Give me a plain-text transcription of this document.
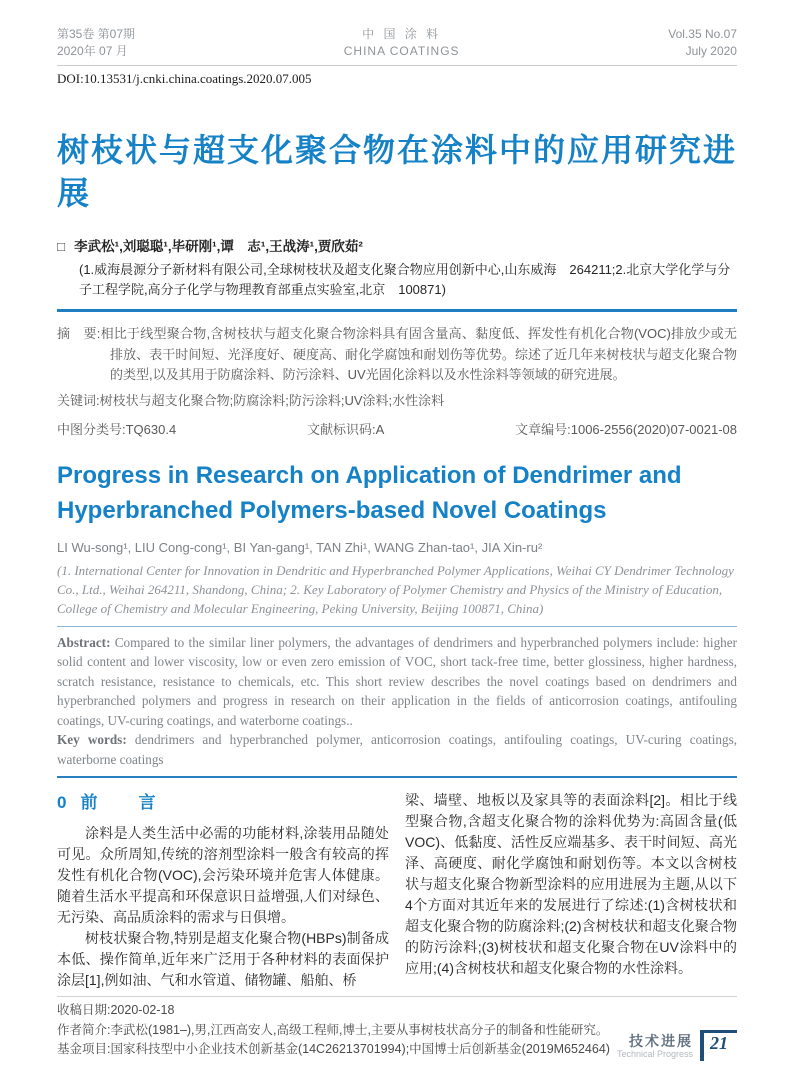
第35卷 第07期
2020年 07 月
中 国 涂 料
CHINA COATINGS
Vol.35 No.07
July 2020
DOI:10.13531/j.cnki.china.coatings.2020.07.005
树枝状与超支化聚合物在涂料中的应用研究进展
□ 李武松¹,刘聪聪¹,毕研刚¹,谭　志¹,王战涛¹,贾欣茹²
(1.威海晨源分子新材料有限公司,全球树枝状及超支化聚合物应用创新中心,山东威海　264211;2.北京大学化学与分子工程学院,高分子化学与物理教育部重点实验室,北京　100871)

摘　要:相比于线型聚合物,含树枝状与超支化聚合物涂料具有固含量高、黏度低、挥发性有机化合物(VOC)排放少或无排放、表干时间短、光泽度好、硬度高、耐化学腐蚀和耐划伤等优势。综述了近几年来树枝状与超支化聚合物的类型,以及其用于防腐涂料、防污涂料、UV光固化涂料以及水性涂料等领域的研究进展。

关键词:树枝状与超支化聚合物;防腐涂料;防污涂料;UV涂料;水性涂料

中图分类号:TQ630.4	文献标识码:A	文章编号:1006-2556(2020)07-0021-08
Progress in Research on Application of Dendrimer and Hyperbranched Polymers-based Novel Coatings
LI Wu-song¹, LIU Cong-cong¹, BI Yan-gang¹, TAN Zhi¹, WANG Zhan-tao¹, JIA Xin-ru²
(1. International Center for Innovation in Dendritic and Hyperbranched Polymer Applications, Weihai CY Dendrimer Technology Co., Ltd., Weihai 264211, Shandong, China; 2. Key Laboratory of Polymer Chemistry and Physics of the Ministry of Education, College of Chemistry and Molecular Engineering, Peking University, Beijing 100871, China)

Abstract: Compared to the similar liner polymers, the advantages of dendrimers and hyperbranched polymers include: higher solid content and lower viscosity, low or even zero emission of VOC, short tack-free time, better glossiness, higher hardness, scratch resistance, resistance to chemicals, etc. This short review describes the novel coatings based on dendrimers and hyperbranched polymers and progress in research on their application in the fields of anticorrosion coatings, antifouling coatings, UV-curing coatings, and waterborne coatings..

Key words: dendrimers and hyperbranched polymer, anticorrosion coatings, antifouling coatings, UV-curing coatings, waterborne coatings

0 前　言

涂料是人类生活中必需的功能材料,涂装用品随处可见。众所周知,传统的溶剂型涂料一般含有较高的挥发性有机化合物(VOC),会污染环境并危害人体健康。随着生活水平提高和环保意识日益增强,人们对绿色、无污染、高品质涂料的需求与日俱增。

树枝状聚合物,特别是超支化聚合物(HBPs)制备成本低、操作简单,近年来广泛用于各种材料的表面保护涂层[1],例如油、气和水管道、储物罐、船舶、桥

梁、墙壁、地板以及家具等的表面涂料[2]。相比于线型聚合物,含超支化聚合物的涂料优势为:高固含量(低VOC)、低黏度、活性反应端基多、表干时间短、高光泽、高硬度、耐化学腐蚀和耐划伤等。本文以含树枝状与超支化聚合物新型涂料的应用进展为主题,从以下4个方面对其近年来的发展进行了综述:(1)含树枝状和超支化聚合物的防腐涂料;(2)含树枝状和超支化聚合物的防污涂料;(3)树枝状和超支化聚合物在UV涂料中的应用;(4)含树枝状和超支化聚合物的水性涂料。

收稿日期:2020-02-18
作者简介:李武松(1981–),男,江西高安人,高级工程师,博士,主要从事树枝状高分子的制备和性能研究。
基金项目:国家科技型中小企业技术创新基金(14C26213701994);中国博士后创新基金(2019M652464)	技术进展
Technical Progress
21
